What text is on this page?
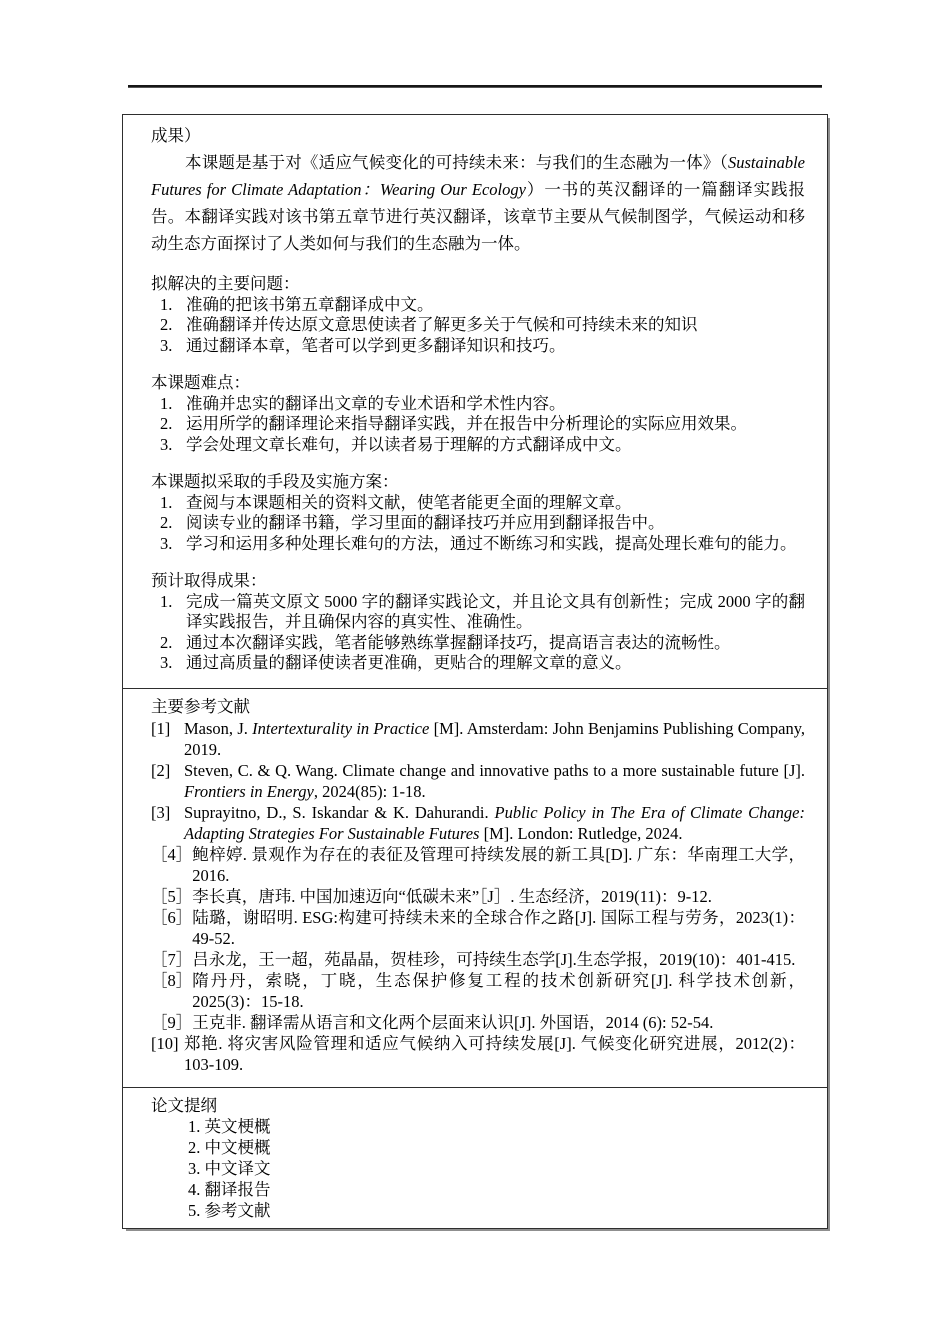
成果）

本课题是基于对《适应气候变化的可持续未来：与我们的生态融为一体》（Sustainable Futures for Climate Adaptation：Wearing Our Ecology）一书的英汉翻译的一篇翻译实践报告。本翻译实践对该书第五章节进行英汉翻译，该章节主要从气候制图学，气候运动和移动生态方面探讨了人类如何与我们的生态融为一体。

拟解决的主要问题：
1. 准确的把该书第五章翻译成中文。
2. 准确翻译并传达原文意思使读者了解更多关于气候和可持续未来的知识
3. 通过翻译本章，笔者可以学到更多翻译知识和技巧。
本课题难点：
1. 准确并忠实的翻译出文章的专业术语和学术性内容。
2. 运用所学的翻译理论来指导翻译实践，并在报告中分析理论的实际应用效果。
3. 学会处理文章长难句，并以读者易于理解的方式翻译成中文。
本课题拟采取的手段及实施方案：
1. 查阅与本课题相关的资料文献，使笔者能更全面的理解文章。
2. 阅读专业的翻译书籍，学习里面的翻译技巧并应用到翻译报告中。
3. 学习和运用多种处理长难句的方法，通过不断练习和实践，提高处理长难句的能力。
预计取得成果：
1. 完成一篇英文原文 5000 字的翻译实践论文，并且论文具有创新性；完成 2000 字的翻译实践报告，并且确保内容的真实性、准确性。
2. 通过本次翻译实践，笔者能够熟练掌握翻译技巧，提高语言表达的流畅性。
3. 通过高质量的翻译使读者更准确，更贴合的理解文章的意义。
主要参考文献
[1] Mason, J. Intertexturality in Practice [M]. Amsterdam: John Benjamins Publishing Company, 2019.
[2] Steven, C. & Q. Wang. Climate change and innovative paths to a more sustainable future [J]. Frontiers in Energy, 2024(85): 1-18.
[3] Suprayitno, D., S. Iskandar & K. Dahurandi. Public Policy in The Era of Climate Change: Adapting Strategies For Sustainable Futures [M]. London: Rutledge, 2024.
［4］ 鲍梓婷. 景观作为存在的表征及管理可持续发展的新工具[D]. 广东：华南理工大学，2016.
［5］ 李长真，唐玮. 中国加速迈向“低碳未来”［J］. 生态经济，2019(11)：9-12.
［6］ 陆璐，谢昭明. ESG:构建可持续未来的全球合作之路[J]. 国际工程与劳务，2023(1)：49-52.
［7］ 吕永龙，王一超，苑晶晶，贺桂珍，可持续生态学[J].生态学报，2019(10)：401-415.
［8］ 隋丹丹，索晓，丁晓，生态保护修复工程的技术创新研究[J]. 科学技术创新，2025(3)：15-18.
［9］ 王克非. 翻译需从语言和文化两个层面来认识[J]. 外国语，2014 (6): 52-54.
[10] 郑艳. 将灾害风险管理和适应气候纳入可持续发展[J]. 气候变化研究进展，2012(2)：103-109.
论文提纲
1. 英文梗概
2. 中文梗概
3. 中文译文
4. 翻译报告
5. 参考文献
